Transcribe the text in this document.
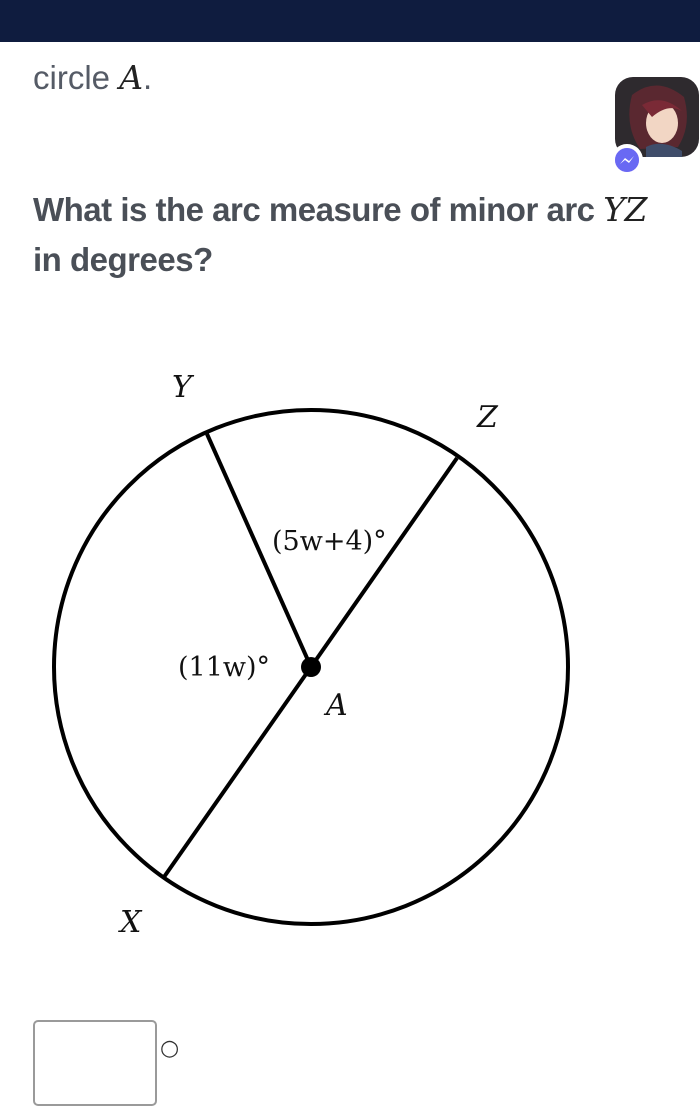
circle A.
What is the arc measure of minor arc YZ
in degrees?
Y
Z
X
A
(5w+4)°
(11w)°
○
